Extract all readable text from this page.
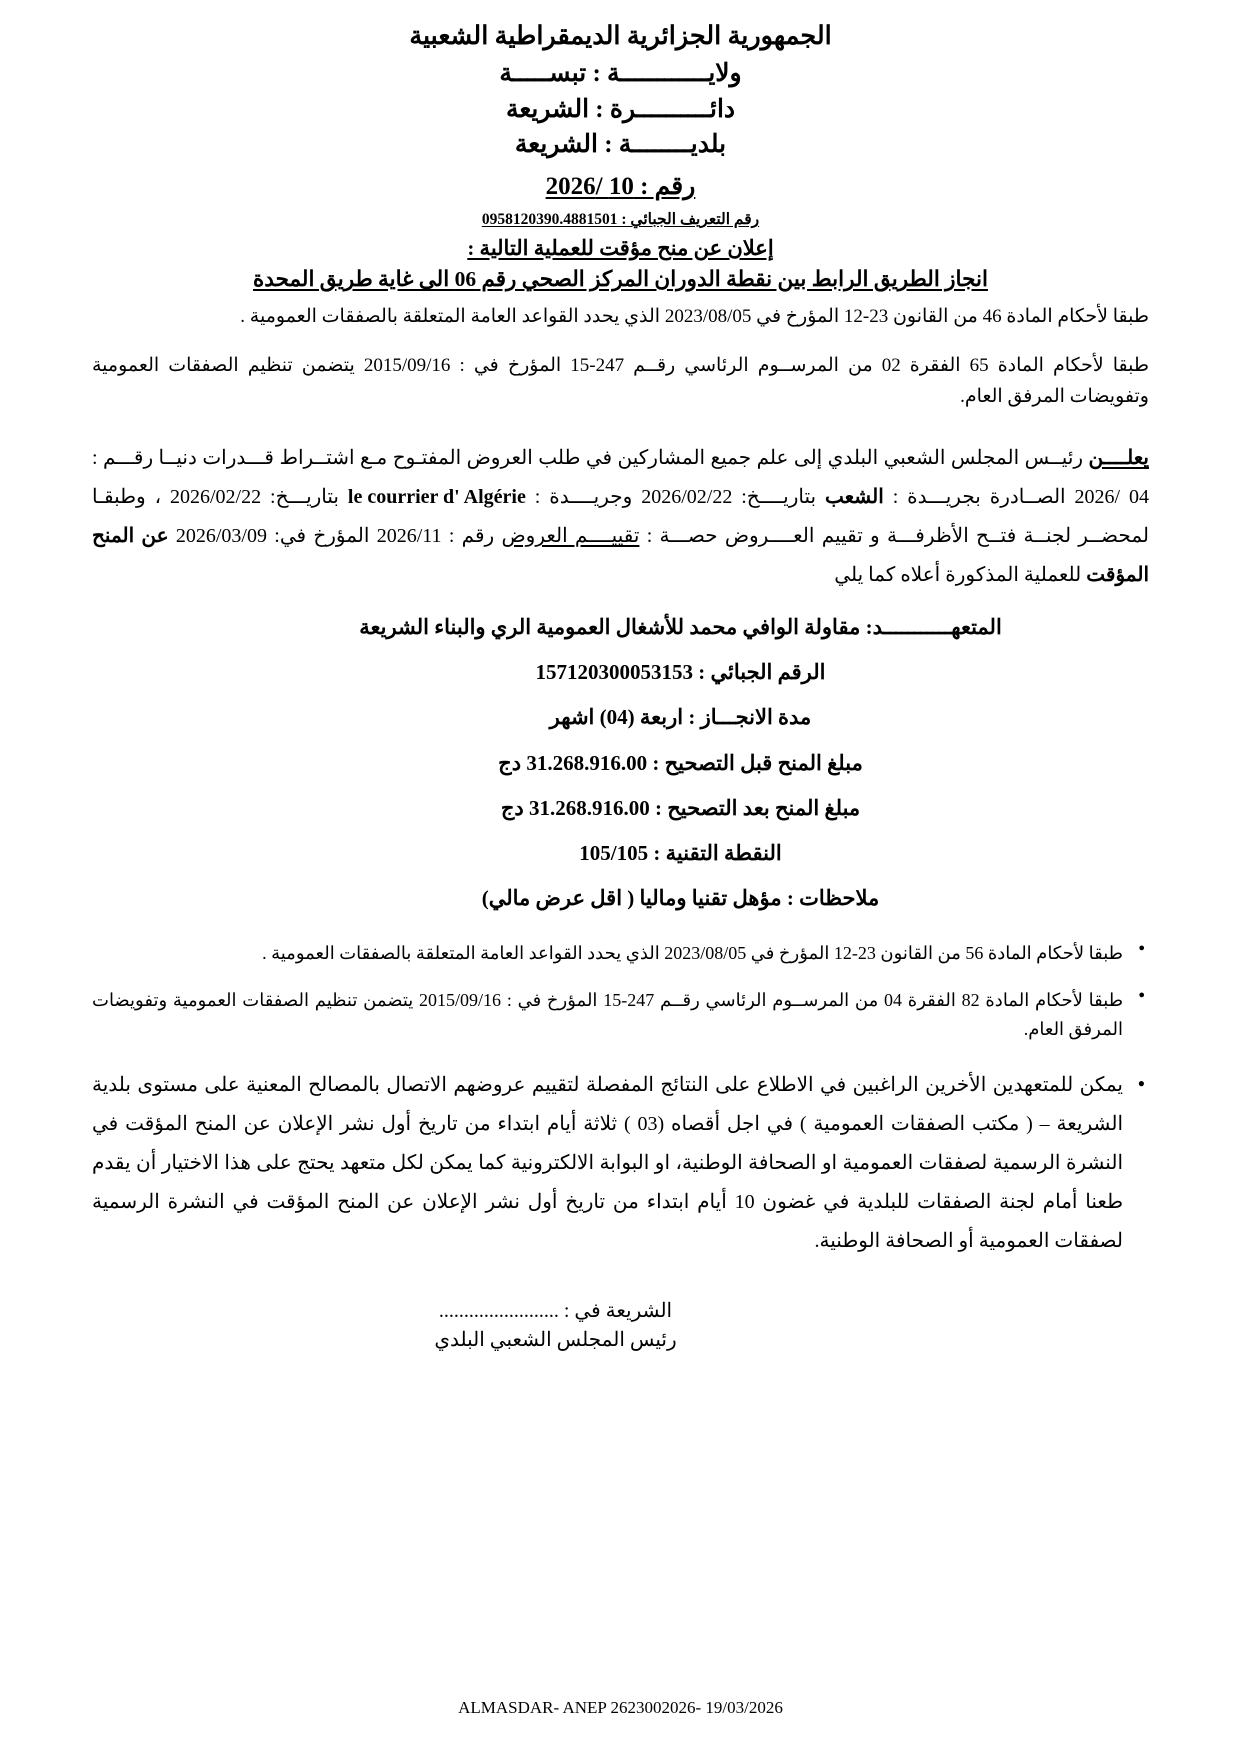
الجمهورية الجزائرية الديمقراطية الشعبية

ولايــــــــــــة : تبســـــة

دائــــــــــرة : الشريعة

بلديــــــــة : الشريعة

رقم : 10 /2026
رقم التعريف الجبائي : 0958120390.4881501
إعلان عن منح مؤقت للعملية التالية :
انجاز الطريق الرابط بين نقطة الدوران المركز الصحي رقم 06 الى غاية طريق المحدة

طبقا لأحكام المادة 46 من القانون 23-12 المؤرخ في 2023/08/05 الذي يحدد القواعد العامة المتعلقة بالصفقات العمومية .

طبقا لأحكام المادة 65 الفقرة 02 من المرســوم الرئاسي رقــم 247-15 المؤرخ في : 2015/09/16 يتضمن تنظيم الصفقات العمومية وتفويضات المرفق العام.

يعلــــن رئيــس المجلس الشعبي البلدي إلى علم جميع المشاركين في طلب العروض المفتـوح مـع اشتــراط قـــدرات دنيــا رقـــم : 04 /2026 الصــادرة بجريـــدة : الشعب بتاريــــخ: 2026/02/22 وجريــــدة : le courrier d' Algérie بتاريـــخ: 2026/02/22 ، وطبقـا لمحضــر لجنــة فتــح الأظرفـــة و تقييم العــــروض حصـــة : تقييــــم العروض رقم : 2026/11 المؤرخ في: 2026/03/09 عن المنح المؤقت للعملية المذكورة أعلاه كما يلي

المتعهـــــــــــد: مقاولة الوافي محمد للأشغال العمومية الري والبناء الشريعة
الرقم الجبائي : 157120300053153
مدة الانجـــاز : اربعة (04) اشهر
مبلغ المنح قبل التصحيح : 31.268.916.00 دج
مبلغ المنح بعد التصحيح : 31.268.916.00 دج
النقطة التقنية : 105/105
ملاحظات : مؤهل تقنيا وماليا ( اقل عرض مالي)

● طبقا لأحكام المادة 56 من القانون 23-12 المؤرخ في 2023/08/05 الذي يحدد القواعد العامة المتعلقة بالصفقات العمومية .

● طبقا لأحكام المادة 82 الفقرة 04 من المرســوم الرئاسي رقــم 247-15 المؤرخ في : 2015/09/16 يتضمن تنظيم الصفقات العمومية وتفويضات المرفق العام.

● يمكن للمتعهدين الأخرين الراغبين في الاطلاع على النتائج المفصلة لتقييم عروضهم الاتصال بالمصالح المعنية على مستوى بلدية الشريعة – ( مكتب الصفقات العمومية ) في اجل أقصاه (03 ) ثلاثة أيام ابتداء من تاريخ أول نشر الإعلان عن المنح المؤقت في النشرة الرسمية لصفقات العمومية او الصحافة الوطنية، او البوابة الالكترونية كما يمكن لكل متعهد يحتج على هذا الاختيار أن يقدم طعنا أمام لجنة الصفقات للبلدية في غضون 10 أيام ابتداء من تاريخ أول نشر الإعلان عن المنح المؤقت في النشرة الرسمية لصفقات العمومية أو الصحافة الوطنية.

الشريعة في : ........................
رئيس المجلس الشعبي البلدي
ALMASDAR- ANEP 2623002026- 19/03/2026
